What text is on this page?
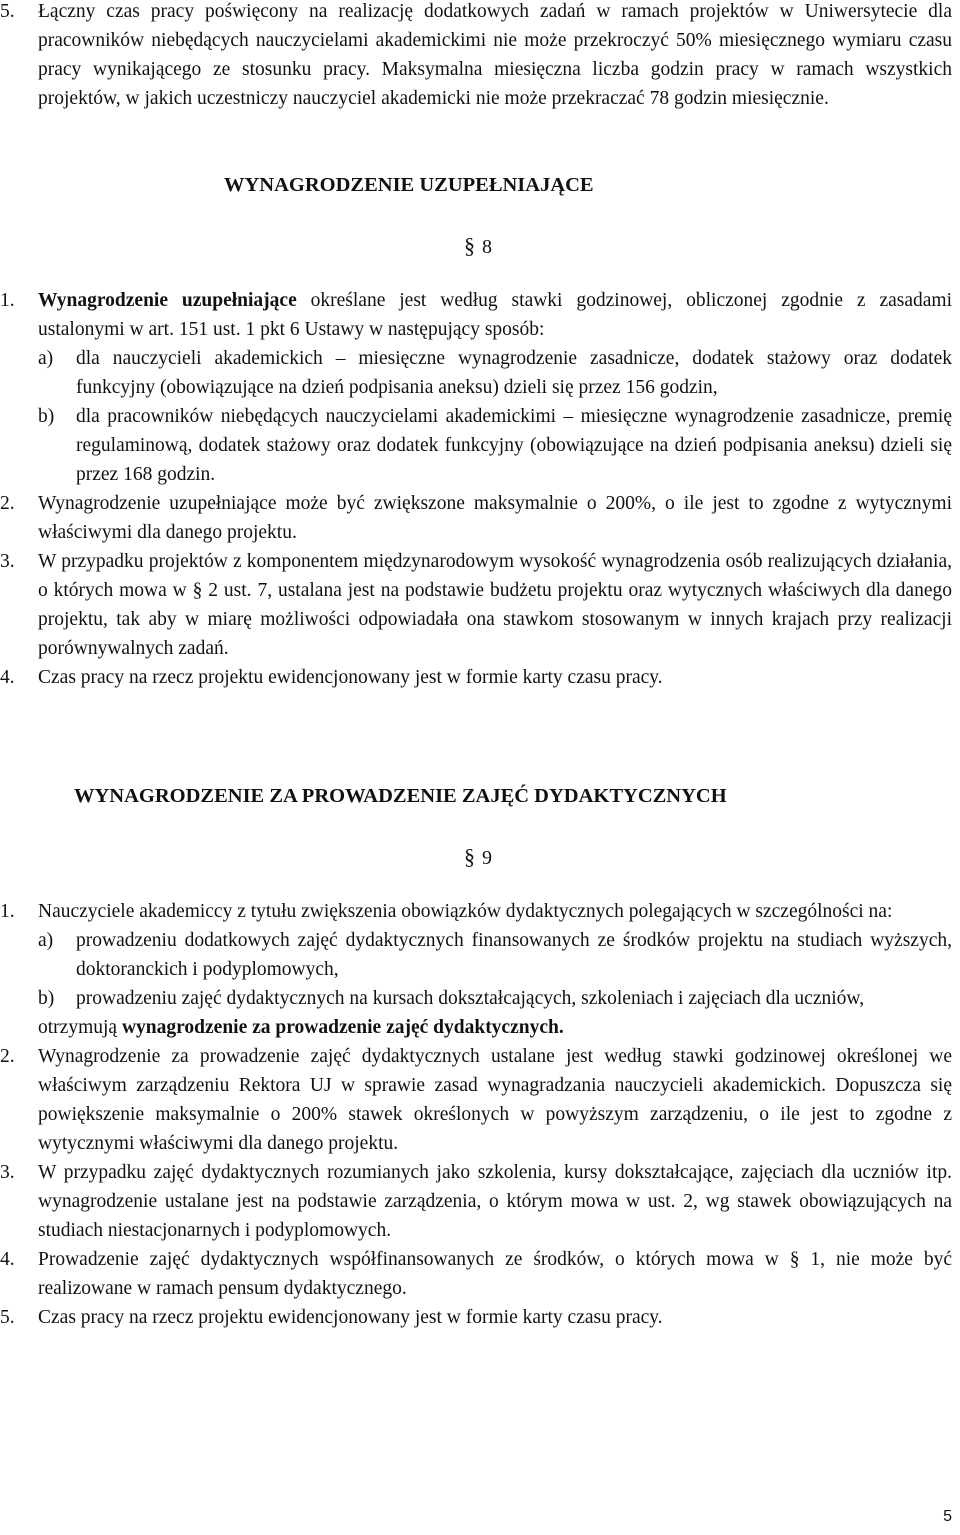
5.	Łączny czas pracy poświęcony na realizację dodatkowych zadań w ramach projektów w Uniwersytecie dla pracowników niebędących nauczycielami akademickimi nie może przekroczyć 50% miesięcznego wymiaru czasu pracy wynikającego ze stosunku pracy. Maksymalna miesięczna liczba godzin pracy w ramach wszystkich projektów, w jakich uczestniczy nauczyciel akademicki nie może przekraczać 78 godzin miesięcznie.
WYNAGRODZENIE UZUPEŁNIAJĄCE
§ 8
1.	Wynagrodzenie uzupełniające określane jest według stawki godzinowej, obliczonej zgodnie z zasadami ustalonymi w art. 151 ust. 1 pkt 6 Ustawy w następujący sposób:
a)	dla nauczycieli akademickich – miesięczne wynagrodzenie zasadnicze, dodatek stażowy oraz dodatek funkcyjny (obowiązujące na dzień podpisania aneksu) dzieli się przez 156 godzin,
b)	dla pracowników niebędących nauczycielami akademickimi – miesięczne wynagrodzenie zasadnicze, premię regulaminową, dodatek stażowy oraz dodatek funkcyjny (obowiązujące na dzień podpisania aneksu) dzieli się przez 168 godzin.
2.	Wynagrodzenie uzupełniające może być zwiększone maksymalnie o 200%, o ile jest to zgodne z wytycznymi właściwymi dla danego projektu.
3.	W przypadku projektów z komponentem międzynarodowym wysokość wynagrodzenia osób realizujących działania, o których mowa w § 2 ust. 7, ustalana jest na podstawie budżetu projektu oraz wytycznych właściwych dla danego projektu, tak aby w miarę możliwości odpowiadała ona stawkom stosowanym w innych krajach przy realizacji porównywalnych zadań.
4.	Czas pracy na rzecz projektu ewidencjonowany jest w formie karty czasu pracy.
WYNAGRODZENIE ZA PROWADZENIE ZAJĘĆ DYDAKTYCZNYCH
§ 9
1.	Nauczyciele akademiccy z tytułu zwiększenia obowiązków dydaktycznych polegających w szczególności na:
a)	prowadzeniu dodatkowych zajęć dydaktycznych finansowanych ze środków projektu na studiach wyższych, doktoranckich i podyplomowych,
b)	prowadzeniu zajęć dydaktycznych na kursach dokształcających, szkoleniach i zajęciach dla uczniów,
otrzymują wynagrodzenie za prowadzenie zajęć dydaktycznych.
2.	Wynagrodzenie za prowadzenie zajęć dydaktycznych ustalane jest według stawki godzinowej określonej we właściwym zarządzeniu Rektora UJ w sprawie zasad wynagradzania nauczycieli akademickich. Dopuszcza się powiększenie maksymalnie o 200% stawek określonych w powyższym zarządzeniu, o ile jest to zgodne z wytycznymi właściwymi dla danego projektu.
3.	W przypadku zajęć dydaktycznych rozumianych jako szkolenia, kursy dokształcające, zajęciach dla uczniów itp. wynagrodzenie ustalane jest na podstawie zarządzenia, o którym mowa w ust. 2, wg stawek obowiązujących na studiach niestacjonarnych i podyplomowych.
4.	Prowadzenie zajęć dydaktycznych współfinansowanych ze środków, o których mowa w § 1, nie może być realizowane w ramach pensum dydaktycznego.
5.	Czas pracy na rzecz projektu ewidencjonowany jest w formie karty czasu pracy.
5
